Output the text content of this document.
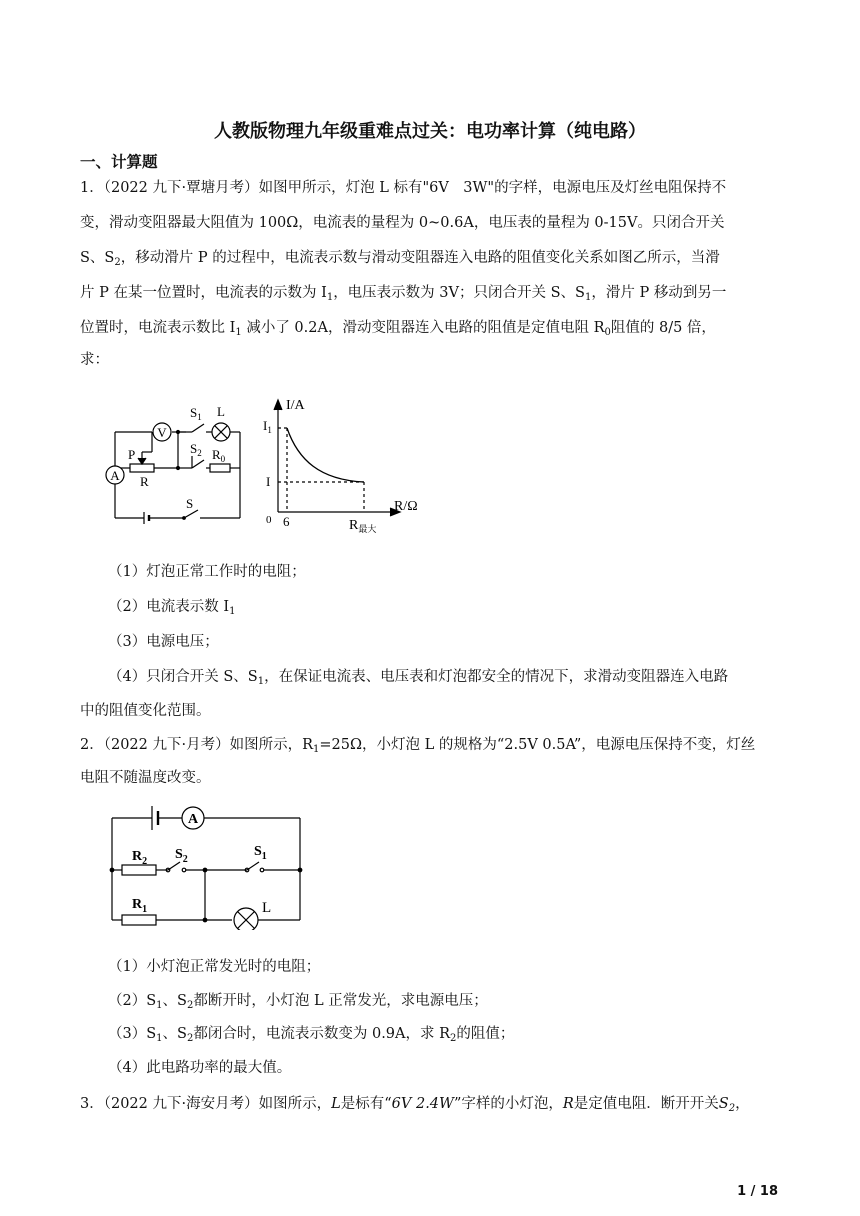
人教版物理九年级重难点过关：电功率计算（纯电路）
一、计算题
1．（2022 九下·覃塘月考）如图甲所示，灯泡 L 标有"6V　3W"的字样，电源电压及灯丝电阻保持不
变，滑动变阻器最大阻值为 100Ω，电流表的量程为 0~0.6A，电压表的量程为 0-15V。只闭合开关
S、$S_2$，移动滑片 P 的过程中，电流表示数与滑动变阻器连入电路的阻值变化关系如图乙所示，当滑
片 P 在某一位置时，电流表的示数为 $I_1$，电压表示数为 3V；只闭合开关 S、$S_1$，滑片 P 移动到另一
位置时，电流表示数比 $I_1$ 减小了 0.2A，滑动变阻器连入电路的阻值是定值电阻 $R_0$阻值的 8/5 倍，
求：
V
A
$S_1$ L
$S_2$ $R_0$
P
R
S
I/A
R/Ω
$I_1$
I
0 6	$R_{最大}$
（1）灯泡正常工作时的电阻；
（2）电流表示数 $I_1$
（3）电源电压；
（4）只闭合开关 S、$S_1$，在保证电流表、电压表和灯泡都安全的情况下，求滑动变阻器连入电路
中的阻值变化范围。
2．（2022 九下·月考）如图所示，$R_1=25\Omega$，小灯泡 L 的规格为“2.5V 0.5A”，电源电压保持不变，灯丝
电阻不随温度改变。
A
$R_2$ $S_2$
$S_1$
$R_1$	L
（1）小灯泡正常发光时的电阻；
$(2)S_1$、$S_2$都断开时，小灯泡 L 正常发光，求电源电压；
$(3)S_1$、$S_2$都闭合时，电流表示数变为 0.9A，求 $R_2$的阻值；
（4）此电路功率的最大值。
3．（2022 九下·海安月考）如图所示，L是标有“6V 2.4W”字样的小灯泡，R是定值电阻．断开开关$S_2$，
1 / 18
